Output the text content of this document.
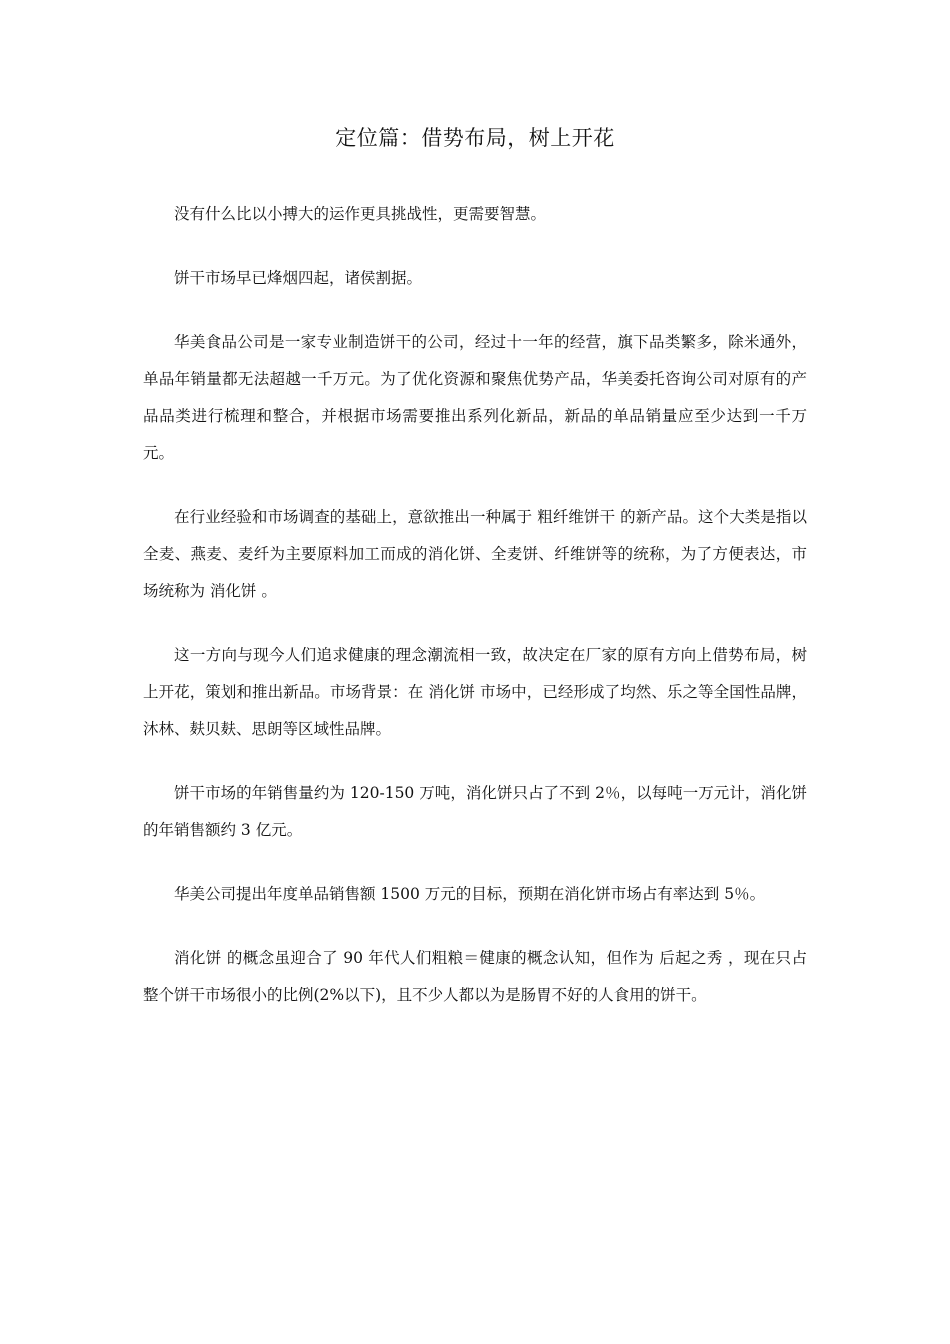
定位篇：借势布局，树上开花

没有什么比以小搏大的运作更具挑战性，更需要智慧。

饼干市场早已烽烟四起，诸侯割据。

华美食品公司是一家专业制造饼干的公司，经过十一年的经营，旗下品类繁多，除米通外，单品年销量都无法超越一千万元。为了优化资源和聚焦优势产品，华美委托咨询公司对原有的产品品类进行梳理和整合，并根据市场需要推出系列化新品，新品的单品销量应至少达到一千万元。

在行业经验和市场调查的基础上，意欲推出一种属于 粗纤维饼干 的新产品。这个大类是指以全麦、燕麦、麦纤为主要原料加工而成的消化饼、全麦饼、纤维饼等的统称，为了方便表达，市场统称为 消化饼 。

这一方向与现今人们追求健康的理念潮流相一致，故决定在厂家的原有方向上借势布局，树上开花，策划和推出新品。市场背景：在 消化饼 市场中，已经形成了均然、乐之等全国性品牌，沐林、麸贝麸、思朗等区域性品牌。

饼干市场的年销售量约为 120-150 万吨，消化饼只占了不到 2％，以每吨一万元计，消化饼的年销售额约 3 亿元。

华美公司提出年度单品销售额 1500 万元的目标，预期在消化饼市场占有率达到 5％。

消化饼 的概念虽迎合了 90 年代人们粗粮＝健康的概念认知，但作为 后起之秀 ，现在只占整个饼干市场很小的比例(2%以下)，且不少人都以为是肠胃不好的人食用的饼干。
